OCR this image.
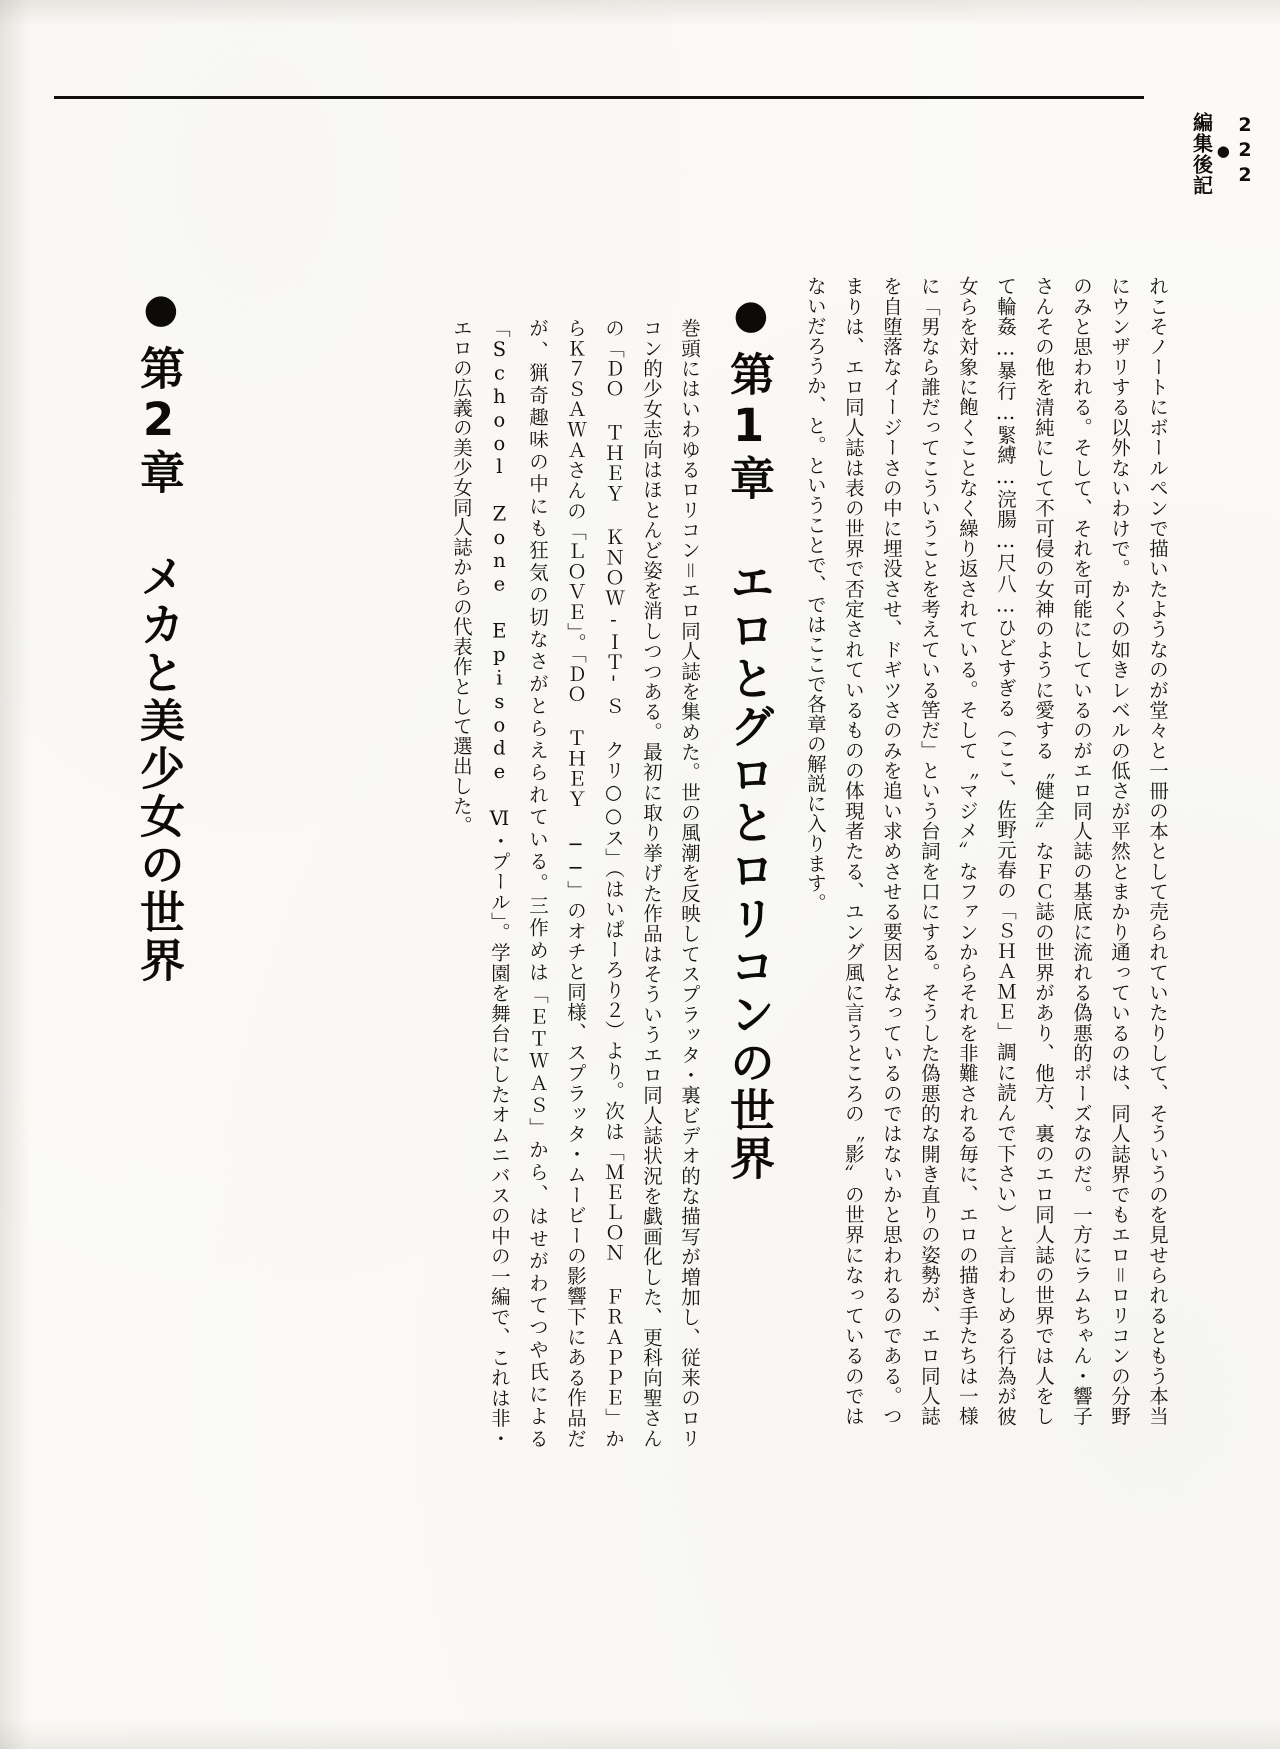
222
●
編集後記
れこそノートにボールペンで描いたようなのが堂々と一冊の本として売られていたりして、そういうのを見せられるともう本当にウンザリする以外ないわけで。かくの如きレベルの低さが平然とまかり通っているのは、同人誌界でもエロ＝ロリコンの分野のみと思われる。そして、それを可能にしているのがエロ同人誌の基底に流れる偽悪的ポーズなのだ。一方にラムちゃん・響子さんその他を清純にして不可侵の女神のように愛する〝健全〟なＦＣ誌の世界があり、他方、裏のエロ同人誌の世界では人をして輪姦…暴行…緊縛…浣腸…尺八…ひどすぎる（ここ、佐野元春の「ＳＨＡＭＥ」調に読んで下さい）と言わしめる行為が彼女らを対象に飽くことなく繰り返されている。そして〝マジメ〟なファンからそれを非難される毎に、エロの描き手たちは一様に「男なら誰だってこういうことを考えている筈だ」という台詞を口にする。そうした偽悪的な開き直りの姿勢が、エロ同人誌を自堕落なイージーさの中に埋没させ、ドギツさのみを追い求めさせる要因となっているのではないかと思われるのである。つまりは、エロ同人誌は表の世界で否定されているものの体現者たる、ユング風に言うところの〝影〟の世界になっているのではないだろうか、と。ということで、ではここで各章の解説に入ります。
●
第1章 エロとグロとロリコンの世界
巻頭にはいわゆるロリコン＝エロ同人誌を集めた。世の風潮を反映してスプラッタ・裏ビデオ的な描写が増加し、従来のロリコン的少女志向はほとんど姿を消しつつある。最初に取り挙げた作品はそういうエロ同人誌状況を戯画化した、更科向聖さんの「ＤＯ ＴＨＥＹ ＫＮＯＷ-ＩＴ'Ｓ クリ○○ス」（はいぱーろり２）より。次は「ＭＥＬＯＮ ＦＲＡＰＰＥ」からＫ７ＳＡＷＡさんの「ＬＯＶＥ」。「ＤＯ ＴＨＥＹ ──」のオチと同様、スプラッタ・ムービーの影響下にある作品だが、猟奇趣味の中にも狂気の切なさがとらえられている。三作めは「ＥＴＷＡＳ」から、はせがわてつや氏による「School Zone Episode Ⅵ・プール」。学園を舞台にしたオムニバスの中の一編で、これは非・エロの広義の美少女同人誌からの代表作として選出した。
●
第2章 メカと美少女の世界
